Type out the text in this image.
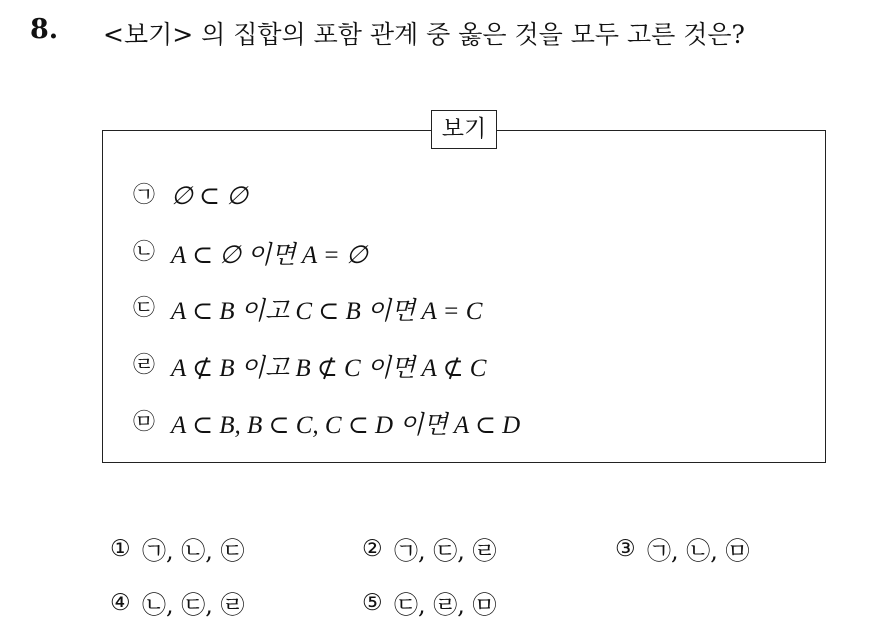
8. <보기> 의 집합의 포함 관계 중 옳은 것을 모두 고른 것은?
보기
㉠ ∅ ⊂ ∅
㉡ A ⊂ ∅ 이면 A = ∅
㉢ A ⊂ B 이고 C ⊂ B 이면 A = C
㉣ A ⊄ B 이고 B ⊄ C 이면 A ⊄ C
㉤ A ⊂ B, B ⊂ C, C ⊂ D 이면 A ⊂ D
① ㉠, ㉡, ㉢	② ㉠, ㉢, ㉣	③ ㉠, ㉡, ㉤
④ ㉡, ㉢, ㉣	⑤ ㉢, ㉣, ㉤
